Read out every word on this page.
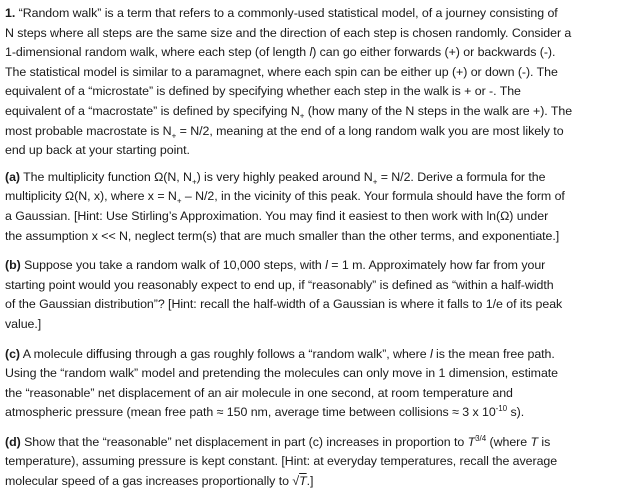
1. “Random walk” is a term that refers to a commonly-used statistical model, of a journey consisting of
N steps where all steps are the same size and the direction of each step is chosen randomly. Consider a
1-dimensional random walk, where each step (of length l) can go either forwards (+) or backwards (-).
The statistical model is similar to a paramagnet, where each spin can be either up (+) or down (-). The
equivalent of a “microstate” is defined by specifying whether each step in the walk is + or -. The
equivalent of a “macrostate” is defined by specifying $N_+$ (how many of the N steps in the walk are +). The
most probable macrostate is $N_+ = N/2$, meaning at the end of a long random walk you are most likely to
end up back at your starting point.
(a) The multiplicity function Ω(N, $N_+$) is very highly peaked around $N_+ = N/2$. Derive a formula for the
multiplicity Ω(N, x), where $x = N_+ - N/2$, in the vicinity of this peak. Your formula should have the form of
a Gaussian. [Hint: Use Stirling’s Approximation. You may find it easiest to then work with ln(Ω) under
the assumption x << N, neglect term(s) that are much smaller than the other terms, and exponentiate.]
(b) Suppose you take a random walk of 10,000 steps, with l = 1 m. Approximately how far from your
starting point would you reasonably expect to end up, if “reasonably” is defined as “within a half-width
of the Gaussian distribution”? [Hint: recall the half-width of a Gaussian is where it falls to 1/e of its peak
value.]
(c) A molecule diffusing through a gas roughly follows a “random walk”, where l is the mean free path.
Using the “random walk” model and pretending the molecules can only move in 1 dimension, estimate
the “reasonable” net displacement of an air molecule in one second, at room temperature and
atmospheric pressure (mean free path ≈ 150 nm, average time between collisions ≈ 3 x $10^{-10}$ s).
(d) Show that the “reasonable” net displacement in part (c) increases in proportion to $T^{3/4}$ (where T is
temperature), assuming pressure is kept constant. [Hint: at everyday temperatures, recall the average
molecular speed of a gas increases proportionally to √T.]
